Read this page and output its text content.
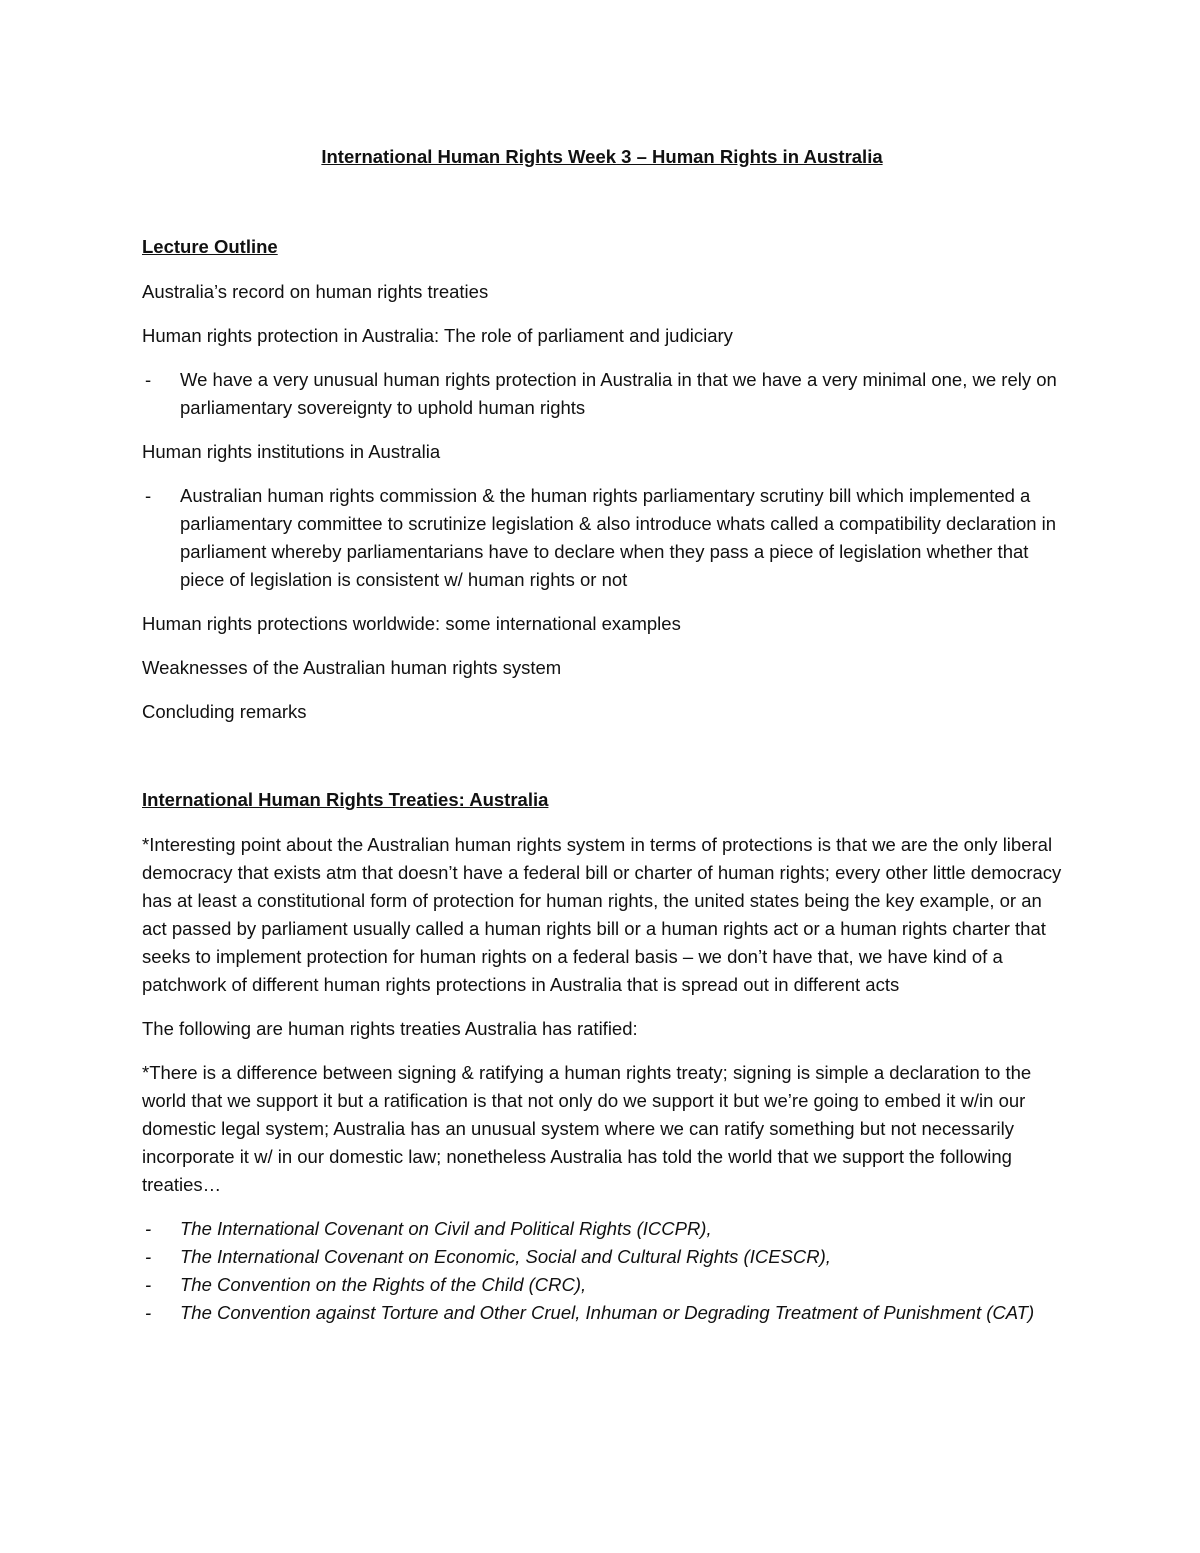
International Human Rights Week 3 – Human Rights in Australia

Lecture Outline

Australia’s record on human rights treaties

Human rights protection in Australia: The role of parliament and judiciary

- We have a very unusual human rights protection in Australia in that we have a very minimal one, we rely on parliamentary sovereignty to uphold human rights

Human rights institutions in Australia

- Australian human rights commission & the human rights parliamentary scrutiny bill which implemented a parliamentary committee to scrutinize legislation & also introduce whats called a compatibility declaration in parliament whereby parliamentarians have to declare when they pass a piece of legislation whether that piece of legislation is consistent w/ human rights or not

Human rights protections worldwide: some international examples

Weaknesses of the Australian human rights system

Concluding remarks

International Human Rights Treaties: Australia

*Interesting point about the Australian human rights system in terms of protections is that we are the only liberal democracy that exists atm that doesn’t have a federal bill or charter of human rights; every other little democracy has at least a constitutional form of protection for human rights, the united states being the key example, or an act passed by parliament usually called a human rights bill or a human rights act or a human rights charter that seeks to implement protection for human rights on a federal basis – we don’t have that, we have kind of a patchwork of different human rights protections in Australia that is spread out in different acts

The following are human rights treaties Australia has ratified:

*There is a difference between signing & ratifying a human rights treaty; signing is simple a declaration to the world that we support it but a ratification is that not only do we support it but we’re going to embed it w/in our domestic legal system; Australia has an unusual system where we can ratify something but not necessarily incorporate it w/ in our domestic law; nonetheless Australia has told the world that we support the following treaties…

- The International Covenant on Civil and Political Rights (ICCPR),
- The International Covenant on Economic, Social and Cultural Rights (ICESCR),
- The Convention on the Rights of the Child (CRC),
- The Convention against Torture and Other Cruel, Inhuman or Degrading Treatment of Punishment (CAT)
